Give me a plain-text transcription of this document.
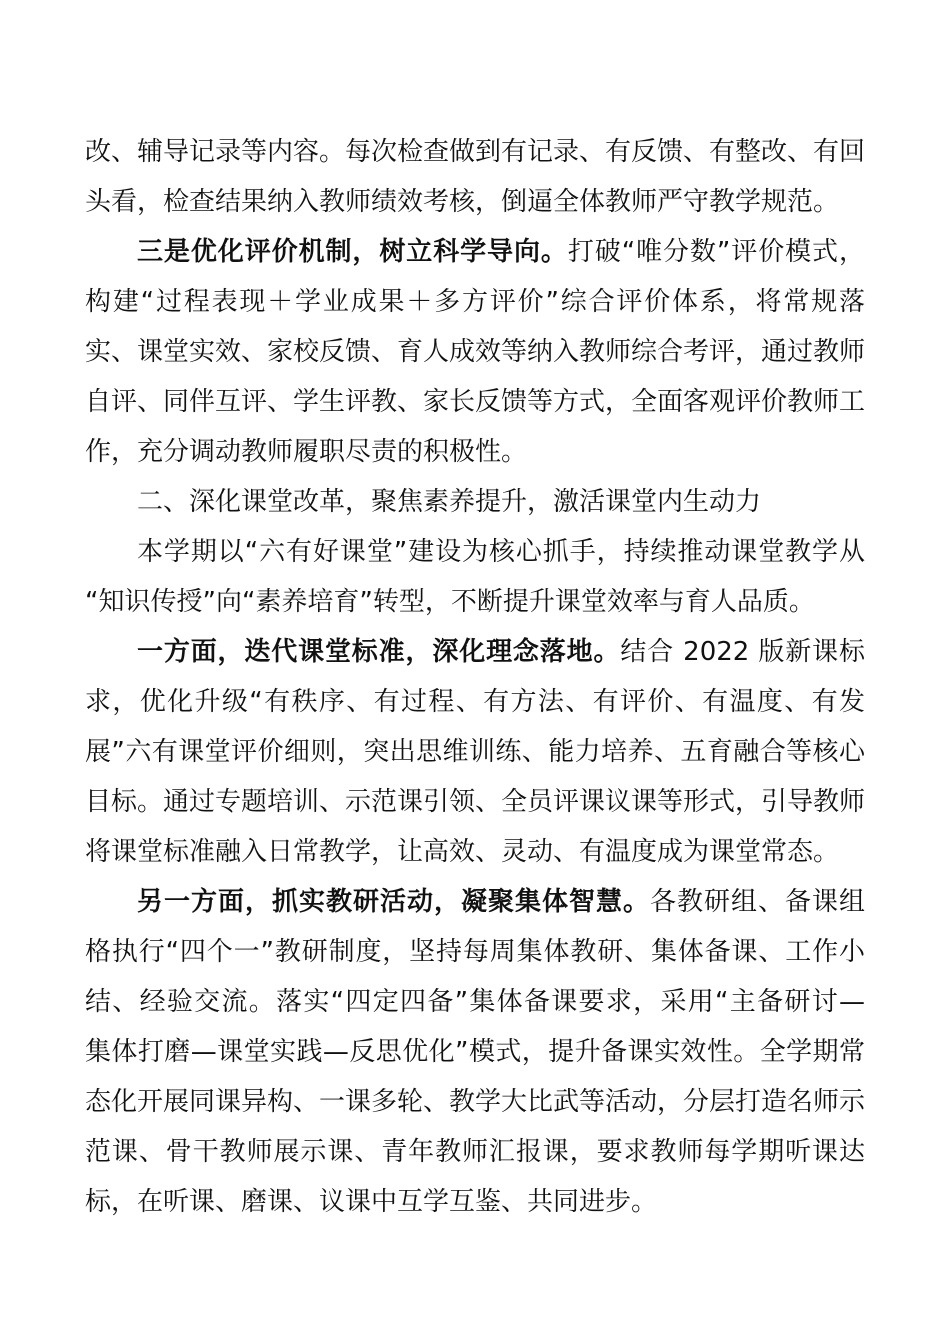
改、辅导记录等内容。每次检查做到有记录、有反馈、有整改、有回
头看，检查结果纳入教师绩效考核，倒逼全体教师严守教学规范。
三是优化评价机制，树立科学导向。打破“唯分数”评价模式，
构建“过程表现＋学业成果＋多方评价”综合评价体系，将常规落
实、课堂实效、家校反馈、育人成效等纳入教师综合考评，通过教师
自评、同伴互评、学生评教、家长反馈等方式，全面客观评价教师工
作，充分调动教师履职尽责的积极性。
二、深化课堂改革，聚焦素养提升，激活课堂内生动力
本学期以“六有好课堂”建设为核心抓手，持续推动课堂教学从
“知识传授”向“素养培育”转型，不断提升课堂效率与育人品质。
一方面，迭代课堂标准，深化理念落地。结合 2022 版新课标
求，优化升级“有秩序、有过程、有方法、有评价、有温度、有发
展”六有课堂评价细则，突出思维训练、能力培养、五育融合等核心
目标。通过专题培训、示范课引领、全员评课议课等形式，引导教师
将课堂标准融入日常教学，让高效、灵动、有温度成为课堂常态。
另一方面，抓实教研活动，凝聚集体智慧。各教研组、备课组
格执行“四个一”教研制度，坚持每周集体教研、集体备课、工作小
结、经验交流。落实“四定四备”集体备课要求，采用“主备研讨—
集体打磨—课堂实践—反思优化”模式，提升备课实效性。全学期常
态化开展同课异构、一课多轮、教学大比武等活动，分层打造名师示
范课、骨干教师展示课、青年教师汇报课，要求教师每学期听课达
标，在听课、磨课、议课中互学互鉴、共同进步。
